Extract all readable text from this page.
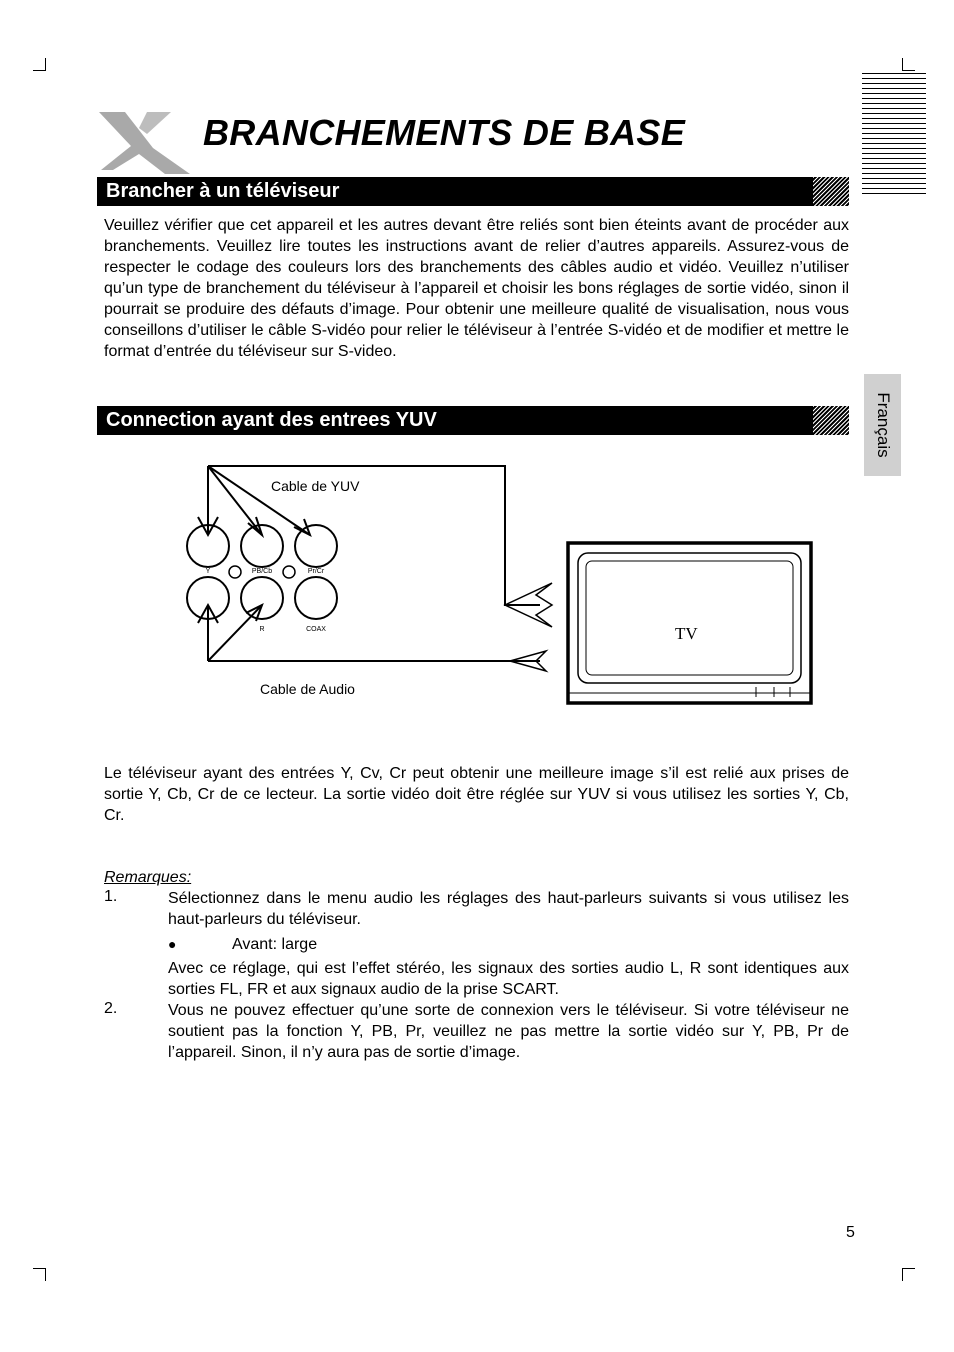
BRANCHEMENTS DE BASE
Brancher à un téléviseur
Veuillez vérifier que cet appareil et les autres devant être reliés sont bien éteints avant de procéder aux branchements. Veuillez lire toutes les instructions avant de relier d’autres appareils. Assurez-vous de respecter le codage des couleurs lors des branchements des câbles audio et vidéo. Veuillez n’utiliser qu’un type de branchement du téléviseur à l’appareil et choisir les bons réglages de sortie vidéo, sinon il pourrait se produire des défauts d’image. Pour obtenir une meilleure qualité de visualisation, nous vous conseillons d’utiliser le câble S-vidéo pour relier le téléviseur à l’entrée S-vidéo et de modifier et mettre le format d’entrée du téléviseur sur S-video.
Français
Connection ayant des entrees YUV
Y	PB/Cb	Pr/Cr
R	COAX	TV
Cable de YUV
Cable de Audio
Le téléviseur ayant des entrées Y, Cv, Cr peut obtenir une meilleure image s’il est relié aux prises de sortie Y, Cb, Cr de ce lecteur. La sortie vidéo doit être réglée sur YUV si vous utilisez les sorties Y, Cb, Cr.
Remarques:
1.	Sélectionnez dans le menu audio les réglages des haut-parleurs suivants si vous utilisez les haut-parleurs du téléviseur.
●	Avant: large
Avec ce réglage, qui est l’effet stéréo, les signaux des sorties audio L, R sont identiques aux sorties FL, FR et aux signaux audio de la prise SCART.
2.	Vous ne pouvez effectuer qu’une sorte de connexion vers le téléviseur. Si votre téléviseur ne soutient pas la fonction Y, PB, Pr, veuillez ne pas mettre la sortie vidéo sur Y, PB, Pr de l’appareil. Sinon, il n’y aura pas de sortie d’image.
5
